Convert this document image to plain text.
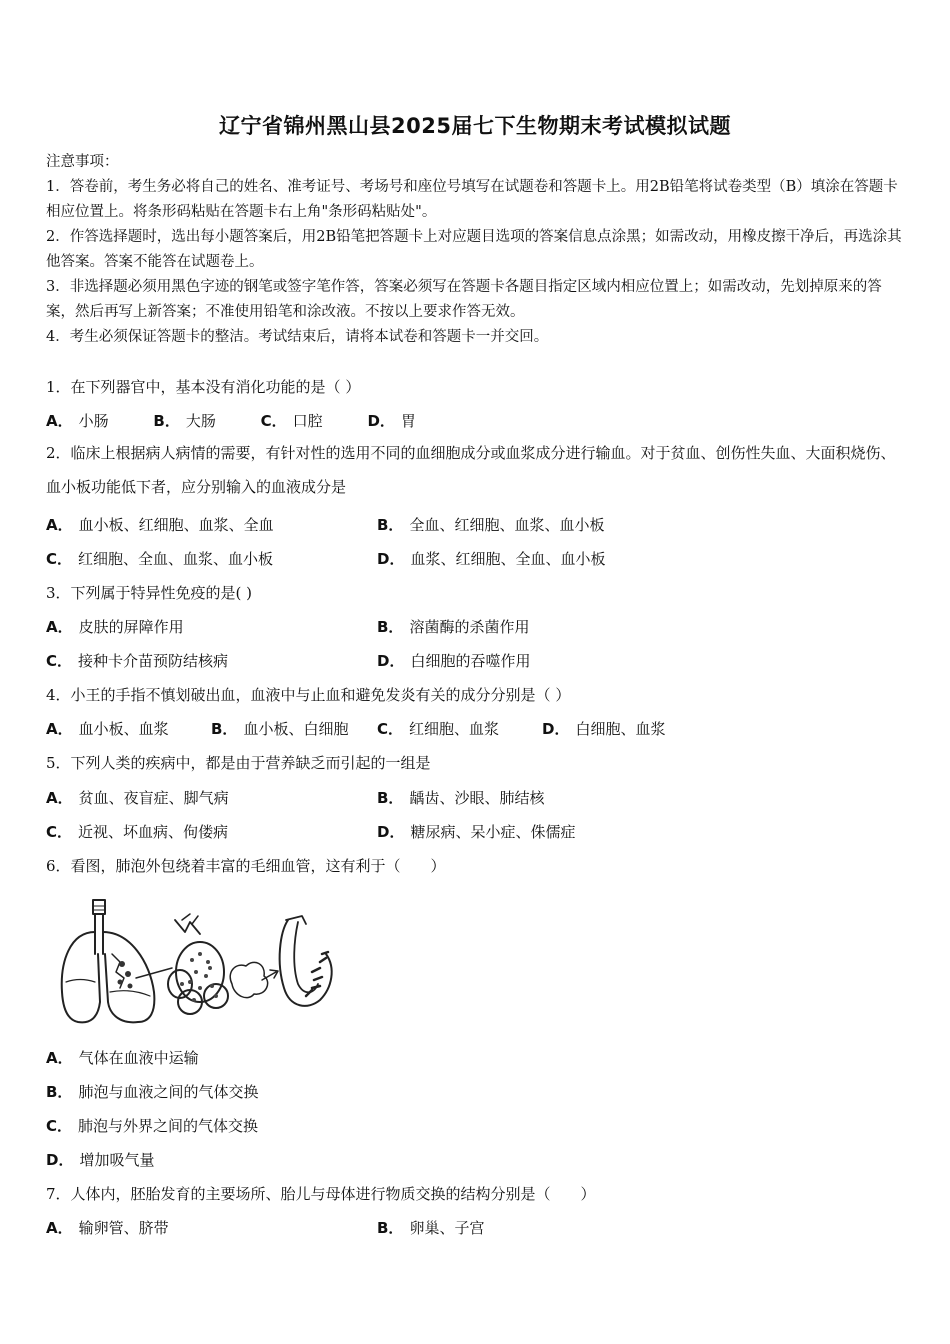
辽宁省锦州黑山县2025届七下生物期末考试模拟试题

注意事项：

1．答卷前，考生务必将自己的姓名、准考证号、考场号和座位号填写在试题卷和答题卡上。用2B铅笔将试卷类型（B）填涂在答题卡相应位置上。将条形码粘贴在答题卡右上角"条形码粘贴处"。

2．作答选择题时，选出每小题答案后，用2B铅笔把答题卡上对应题目选项的答案信息点涂黑；如需改动，用橡皮擦干净后，再选涂其他答案。答案不能答在试题卷上。

3．非选择题必须用黑色字迹的钢笔或签字笔作答，答案必须写在答题卡各题目指定区域内相应位置上；如需改动，先划掉原来的答案，然后再写上新答案；不准使用铅笔和涂改液。不按以上要求作答无效。

4．考生必须保证答题卡的整洁。考试结束后，请将本试卷和答题卡一并交回。

1．在下列器官中，基本没有消化功能的是（ ）
A． 小肠	B． 大肠	C． 口腔	D． 胃
2．临床上根据病人病情的需要，有针对性的选用不同的血细胞成分或血浆成分进行输血。对于贫血、创伤性失血、大面积烧伤、血小板功能低下者，应分别输入的血液成分是
A． 血小板、红细胞、血浆、全血	B． 全血、红细胞、血浆、血小板
C． 红细胞、全血、血浆、血小板	D． 血浆、红细胞、全血、血小板
3．下列属于特异性免疫的是( )
A． 皮肤的屏障作用	B． 溶菌酶的杀菌作用
C． 接种卡介苗预防结核病	D． 白细胞的吞噬作用
4．小王的手指不慎划破出血，血液中与止血和避免发炎有关的成分分别是（ ）
A． 血小板、血浆	B． 血小板、白细胞 C． 红细胞、血浆	D． 白细胞、血浆
5．下列人类的疾病中，都是由于营养缺乏而引起的一组是
A． 贫血、夜盲症、脚气病	B． 龋齿、沙眼、肺结核
C． 近视、坏血病、佝偻病	D． 糖尿病、呆小症、侏儒症
6．看图，肺泡外包绕着丰富的毛细血管，这有利于（　　）
A． 气体在血液中运输
B． 肺泡与血液之间的气体交换
C． 肺泡与外界之间的气体交换
D． 增加吸气量
7．人体内，胚胎发育的主要场所、胎儿与母体进行物质交换的结构分别是（　　）
A． 输卵管、脐带	B． 卵巢、子宫
